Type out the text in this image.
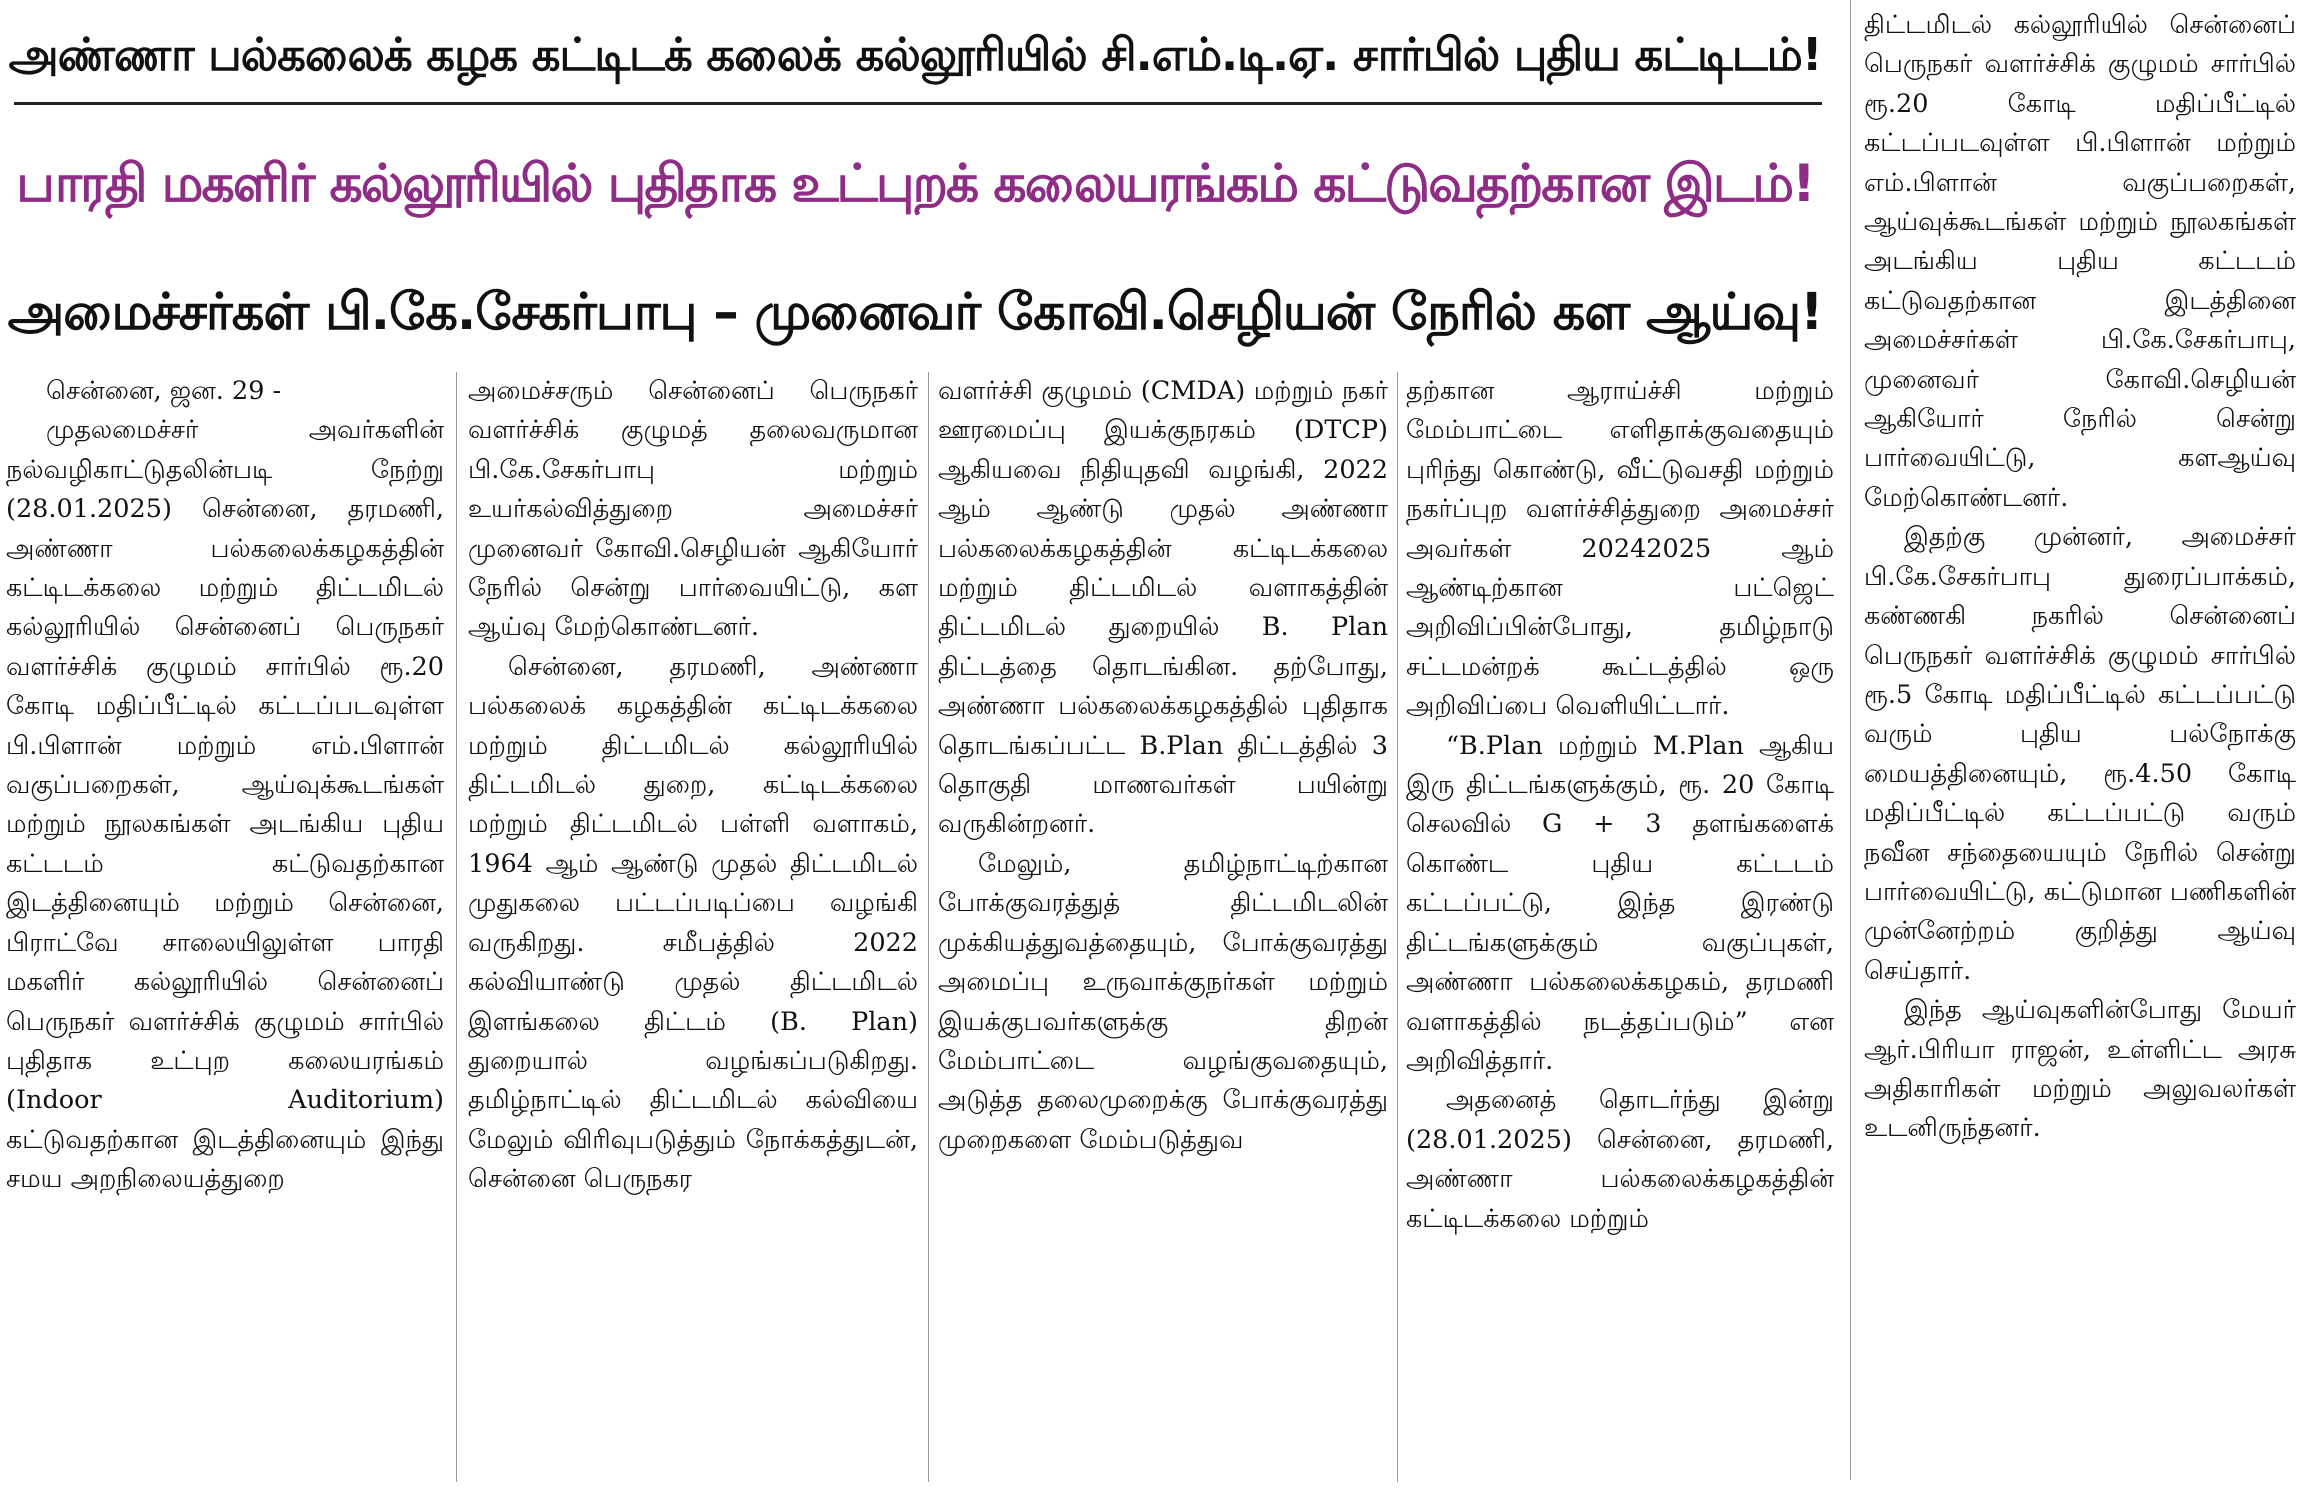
அண்ணா பல்கலைக் கழக கட்டிடக் கலைக் கல்லூரியில் சி.எம்.டி.ஏ. சார்பில் புதிய கட்டிடம்!
பாரதி மகளிர் கல்லூரியில் புதிதாக உட்புறக் கலையரங்கம் கட்டுவதற்கான இடம்!
அமைச்சர்கள் பி.கே.சேகர்பாபு – முனைவர் கோவி.செழியன் நேரில் கள ஆய்வு!

சென்னை, ஜன. 29 -

முதலமைச்சர் அவர்களின் நல்வழிகாட்டுதலின்படி நேற்று (28.01.2025) சென்னை, தரமணி, அண்ணா பல்கலைக்கழகத்தின் கட்டிடக்கலை மற்றும் திட்டமிடல் கல்லூரியில் சென்னைப் பெருநகர் வளர்ச்சிக் குழுமம் சார்பில் ரூ.20 கோடி மதிப்பீட்டில் கட்டப்படவுள்ள பி.பிளான் மற்றும் எம்.பிளான் வகுப்பறைகள், ஆய்வுக்கூடங்கள் மற்றும் நூலகங்கள் அடங்கிய புதிய கட்டடம் கட்டுவதற்கான இடத்தினையும் மற்றும் சென்னை, பிராட்வே சாலையிலுள்ள பாரதி மகளிர் கல்லூரியில் சென்னைப் பெருநகர் வளர்ச்சிக் குழுமம் சார்பில் புதிதாக உட்புற கலையரங்கம் (Indoor Auditorium) கட்டுவதற்கான இடத்தினையும் இந்து சமய அறநிலையத்துறை

அமைச்சரும் சென்னைப் பெருநகர் வளர்ச்சிக் குழுமத் தலைவருமான பி.கே.சேகர்பாபு மற்றும் உயர்கல்வித்துறை அமைச்சர் முனைவர் கோவி.செழியன் ஆகியோர் நேரில் சென்று பார்வையிட்டு, கள ஆய்வு மேற்கொண்டனர்.

சென்னை, தரமணி, அண்ணா பல்கலைக் கழகத்தின் கட்டிடக்கலை மற்றும் திட்டமிடல் கல்லூரியில் திட்டமிடல் துறை, கட்டிடக்கலை மற்றும் திட்டமிடல் பள்ளி வளாகம், 1964 ஆம் ஆண்டு முதல் திட்டமிடல் முதுகலை பட்டப்படிப்பை வழங்கி வருகிறது. சமீபத்தில் 2022 கல்வியாண்டு முதல் திட்டமிடல் இளங்கலை திட்டம் (B. Plan) துறையால் வழங்கப்படுகிறது. தமிழ்நாட்டில் திட்டமிடல் கல்வியை மேலும் விரிவுபடுத்தும் நோக்கத்துடன், சென்னை பெருநகர

வளர்ச்சி குழுமம் (CMDA) மற்றும் நகர் ஊரமைப்பு இயக்குநரகம் (DTCP) ஆகியவை நிதியுதவி வழங்கி, 2022 ஆம் ஆண்டு முதல் அண்ணா பல்கலைக்கழகத்தின் கட்டிடக்கலை மற்றும் திட்டமிடல் வளாகத்தின் திட்டமிடல் துறையில் B. Plan திட்டத்தை தொடங்கின. தற்போது, அண்ணா பல்கலைக்கழகத்தில் புதிதாக தொடங்கப்பட்ட B.Plan திட்டத்தில் 3 தொகுதி மாணவர்கள் பயின்று வருகின்றனர்.

மேலும், தமிழ்நாட்டிற்கான போக்குவரத்துத் திட்டமிடலின் முக்கியத்துவத்தையும், போக்குவரத்து அமைப்பு உருவாக்குநர்கள் மற்றும் இயக்குபவர்களுக்கு திறன் மேம்பாட்டை வழங்குவதையும், அடுத்த தலைமுறைக்கு போக்குவரத்து முறைகளை மேம்படுத்துவ

தற்கான ஆராய்ச்சி மற்றும் மேம்பாட்டை எளிதாக்குவதையும் புரிந்து கொண்டு, வீட்டுவசதி மற்றும் நகர்ப்புற வளர்ச்சித்துறை அமைச்சர் அவர்கள் 20242025 ஆம் ஆண்டிற்கான பட்ஜெட் அறிவிப்பின்போது, தமிழ்நாடு சட்டமன்றக் கூட்டத்தில் ஒரு அறிவிப்பை வெளியிட்டார்.

“B.Plan மற்றும் M.Plan ஆகிய இரு திட்டங்களுக்கும், ரூ. 20 கோடி செலவில் G + 3 தளங்களைக் கொண்ட புதிய கட்டடம் கட்டப்பட்டு, இந்த இரண்டு திட்டங்களுக்கும் வகுப்புகள், அண்ணா பல்கலைக்கழகம், தரமணி வளாகத்தில் நடத்தப்படும்” என அறிவித்தார்.

அதனைத் தொடர்ந்து இன்று (28.01.2025) சென்னை, தரமணி, அண்ணா பல்கலைக்கழகத்தின் கட்டிடக்கலை மற்றும்

திட்டமிடல் கல்லூரியில் சென்னைப் பெருநகர் வளர்ச்சிக் குழுமம் சார்பில் ரூ.20 கோடி மதிப்பீட்டில் கட்டப்படவுள்ள பி.பிளான் மற்றும் எம்.பிளான் வகுப்பறைகள், ஆய்வுக்கூடங்கள் மற்றும் நூலகங்கள் அடங்கிய புதிய கட்டடம் கட்டுவதற்கான இடத்தினை அமைச்சர்கள் பி.கே.சேகர்பாபு, முனைவர் கோவி.செழியன் ஆகியோர் நேரில் சென்று பார்வையிட்டு, களஆய்வு மேற்கொண்டனர்.

இதற்கு முன்னர், அமைச்சர் பி.கே.சேகர்பாபு துரைப்பாக்கம், கண்ணகி நகரில் சென்னைப் பெருநகர் வளர்ச்சிக் குழுமம் சார்பில் ரூ.5 கோடி மதிப்பீட்டில் கட்டப்பட்டு வரும் புதிய பல்நோக்கு மையத்தினையும், ரூ.4.50 கோடி மதிப்பீட்டில் கட்டப்பட்டு வரும் நவீன சந்தையையும் நேரில் சென்று பார்வையிட்டு, கட்டுமான பணிகளின் முன்னேற்றம் குறித்து ஆய்வு செய்தார்.

இந்த ஆய்வுகளின்போது மேயர் ஆர்.பிரியா ராஜன், உள்ளிட்ட அரசு அதிகாரிகள் மற்றும் அலுவலர்கள் உடனிருந்தனர்.
